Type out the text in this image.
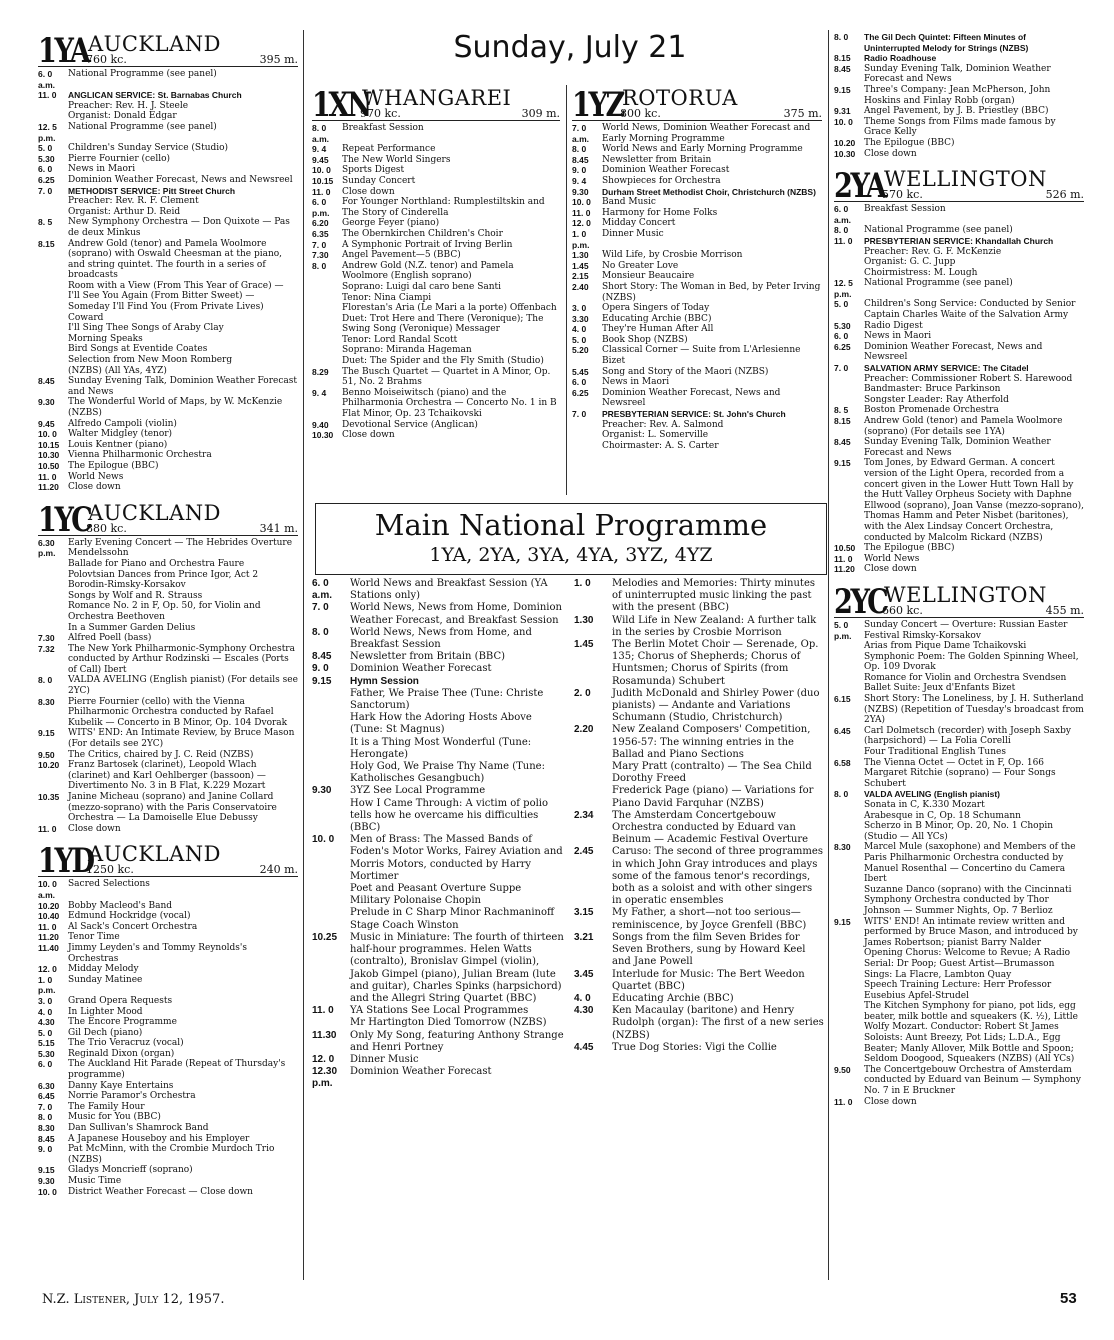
Sunday, July 21
1YA AUCKLAND
760 kc.	395 m.
6. 0 a.m.
National Programme (see panel)
11. 0	ANGLICAN SERVICE: St. Barnabas Church
Preacher: Rev. H. J. Steele
Organist: Donald Edgar
12. 5 p.m.
National Programme (see panel)
5. 0	Children's Sunday Service (Studio)
5.30	Pierre Fournier (cello)
6. 0	News in Maori
6.25	Dominion Weather Forecast, News and Newsreel
7. 0	METHODIST SERVICE: Pitt Street Church
Preacher: Rev. R. F. Clement
Organist: Arthur D. Reid
8. 5	New Symphony Orchestra — Don Quixote — Pas de deux Minkus
8.15	Andrew Gold (tenor) and Pamela Woolmore (soprano) with Oswald Cheesman at the piano, and string quintet. The fourth in a series of broadcasts
Room with a View (From This Year of Grace) — I'll See You Again (From Bitter Sweet) — Someday I'll Find You (From Private Lives) Coward
I'll Sing Thee Songs of Araby Clay
Morning Speaks
Bird Songs at Eventide Coates
Selection from New Moon Romberg
(NZBS) (All YAs, 4YZ)
8.45	Sunday Evening Talk, Dominion Weather Forecast and News
9.30	The Wonderful World of Maps, by W. McKenzie (NZBS)
9.45	Alfredo Campoli (violin)
10. 0	Walter Midgley (tenor)
10.15 Louis Kentner (piano)
10.30 Vienna Philharmonic Orchestra
10.50 The Epilogue (BBC)
11. 0	World News
11.20	Close down
1YC
AUCKLAND
880 kc.	341 m.
6.30 p.m.
Early Evening Concert — The Hebrides Overture Mendelssohn
Ballade for Piano and Orchestra Faure
Polovtsian Dances from Prince Igor, Act 2 Borodin-Rimsky-Korsakov
Songs by Wolf and R. Strauss
Romance No. 2 in F, Op. 50, for Violin and Orchestra Beethoven
In a Summer Garden Delius
7.30	Alfred Poell (bass)
7.32	The New York Philharmonic-Symphony Orchestra conducted by Arthur Rodzinski — Escales (Ports of Call) Ibert
8. 0	VALDA AVELING (English pianist) (For details see 2YC)
8.30	Pierre Fournier (cello) with the Vienna Philharmonic Orchestra conducted by Rafael Kubelik — Concerto in B Minor, Op. 104 Dvorak
9.15	WITS' END: An Intimate Review, by Bruce Mason (For details see 2YC)
9.50	The Critics, chaired by J. C. Reid (NZBS)
10.20 Franz Bartosek (clarinet), Leopold Wlach (clarinet) and Karl Oehlberger (bassoon) — Divertimento No. 3 in B Flat, K.229 Mozart
10.35 Janine Micheau (soprano) and Janine Collard (mezzo-soprano) with the Paris Conservatoire Orchestra — La Damoiselle Elue Debussy
11. 0	Close down
1YD
AUCKLAND
1250 kc.	240 m.
10. 0 a.m.
Sacred Selections
10.20 Bobby Macleod's Band
10.40 Edmund Hockridge (vocal)
11. 0	Al Sack's Concert Orchestra
11.20	Tenor Time
11.40	Jimmy Leyden's and Tommy Reynolds's Orchestras
12. 0	Midday Melody
1. 0 p.m.
Sunday Matinee
3. 0	Grand Opera Requests
4. 0	In Lighter Mood
4.30	The Encore Programme
5. 0	Gil Dech (piano)
5.15	The Trio Veracruz (vocal)
5.30	Reginald Dixon (organ)
6. 0	The Auckland Hit Parade (Repeat of Thursday's programme)
6.30	Danny Kaye Entertains
6.45	Norrie Paramor's Orchestra
7. 0	The Family Hour
8. 0	Music for You (BBC)
8.30	Dan Sullivan's Shamrock Band
8.45	A Japanese Houseboy and his Employer
9. 0	Pat McMinn, with the Crombie Murdoch Trio (NZBS)
9.15	Gladys Moncrieff (soprano)
9.30	Music Time
10. 0	District Weather Forecast — Close down
1XN
WHANGAREI
970 kc.	309 m.
8. 0 a.m.
Breakfast Session
9. 4	Repeat Performance
9.45	The New World Singers
10. 0	Sports Digest
10.15 Sunday Concert
11. 0	Close down
6. 0 p.m.
For Younger Northland: Rumplestiltskin and The Story of Cinderella
6.20	George Feyer (piano)
6.35	The Obernkirchen Children's Choir
7. 0	A Symphonic Portrait of Irving Berlin
7.30	Angel Pavement—5 (BBC)
8. 0	Andrew Gold (N.Z. tenor) and Pamela Woolmore (English soprano)
Soprano: Luigi dal caro bene Santi
Tenor: Nina Ciampi
Florestan's Aria (Le Mari a la porte) Offenbach
Duet: Trot Here and There (Veronique); The Swing Song (Veronique) Messager
Tenor: Lord Randal Scott
Soprano: Miranda Hageman
Duet: The Spider and the Fly Smith (Studio)
8.29	The Busch Quartet — Quartet in A Minor, Op. 51, No. 2 Brahms
9. 4	Benno Moiseiwitsch (piano) and the Philharmonia Orchestra — Concerto No. 1 in B Flat Minor, Op. 23 Tchaikovski
9.40	Devotional Service (Anglican)
10.30 Close down
1YZ ROTORUA
800 kc.	375 m.
7. 0 a.m.
World News, Dominion Weather Forecast and Early Morning Programme
8. 0	World News and Early Morning Programme
8.45	Newsletter from Britain
9. 0	Dominion Weather Forecast
9. 4	Showpieces for Orchestra
9.30	Durham Street Methodist Choir, Christchurch (NZBS)
10. 0	Band Music
11. 0	Harmony for Home Folks
12. 0	Midday Concert
1. 0 p.m.
Dinner Music
1.30	Wild Life, by Crosbie Morrison
1.45	No Greater Love
2.15	Monsieur Beaucaire
2.40	Short Story: The Woman in Bed, by Peter Irving (NZBS)
3. 0	Opera Singers of Today
3.30	Educating Archie (BBC)
4. 0	They're Human After All
5. 0	Book Shop (NZBS)
5.20	Classical Corner — Suite from L'Arlesienne Bizet
5.45	Song and Story of the Maori (NZBS)
6. 0	News in Maori
6.25	Dominion Weather Forecast, News and Newsreel
7. 0	PRESBYTERIAN SERVICE: St. John's Church
Preacher: Rev. A. Salmond
Organist: L. Somerville
Choirmaster: A. S. Carter
Main National Programme
1YA, 2YA, 3YA, 4YA, 3YZ, 4YZ
6. 0 a.m.
World News and Breakfast Session (YA Stations only)
7. 0	World News, News from Home, Dominion Weather Forecast, and Breakfast Session
8. 0	World News, News from Home, and Breakfast Session
8.45	Newsletter from Britain (BBC)
9. 0	Dominion Weather Forecast
9.15	Hymn Session
Father, We Praise Thee (Tune: Christe Sanctorum)
Hark How the Adoring Hosts Above (Tune: St Magnus)
It is a Thing Most Wonderful (Tune: Herongate)
Holy God, We Praise Thy Name (Tune: Katholisches Gesangbuch)
9.30	3YZ See Local Programme
How I Came Through: A victim of polio tells how he overcame his difficulties (BBC)
10. 0	Men of Brass: The Massed Bands of Foden's Motor Works, Fairey Aviation and Morris Motors, conducted by Harry Mortimer
Poet and Peasant Overture Suppe
Military Polonaise Chopin
Prelude in C Sharp Minor Rachmaninoff
Stage Coach Winston
10.25	Music in Miniature: The fourth of thirteen half-hour programmes. Helen Watts (contralto), Bronislav Gimpel (violin), Jakob Gimpel (piano), Julian Bream (lute and guitar), Charles Spinks (harpsichord) and the Allegri String Quartet (BBC)
11. 0	YA Stations See Local Programmes
Mr Hartington Died Tomorrow (NZBS)
11.30	Only My Song, featuring Anthony Strange and Henri Portney
12. 0	Dinner Music
12.30 p.m.
Dominion Weather Forecast
1. 0	Melodies and Memories: Thirty minutes of uninterrupted music linking the past with the present (BBC)
1.30	Wild Life in New Zealand: A further talk in the series by Crosbie Morrison
1.45	The Berlin Motet Choir — Serenade, Op. 135; Chorus of Shepherds; Chorus of Huntsmen; Chorus of Spirits (from Rosamunda) Schubert
2. 0	Judith McDonald and Shirley Power (duo pianists) — Andante and Variations Schumann (Studio, Christchurch)
2.20	New Zealand Composers' Competition, 1956-57: The winning entries in the Ballad and Piano Sections
Mary Pratt (contralto) — The Sea Child Dorothy Freed
Frederick Page (piano) — Variations for Piano David Farquhar (NZBS)
2.34	The Amsterdam Concertgebouw Orchestra conducted by Eduard van Beinum — Academic Festival Overture
2.45	Caruso: The second of three programmes in which John Gray introduces and plays some of the famous tenor's recordings, both as a soloist and with other singers in operatic ensembles
3.15	My Father, a short—not too serious—reminiscence, by Joyce Grenfell (BBC)
3.21	Songs from the film Seven Brides for Seven Brothers, sung by Howard Keel and Jane Powell
3.45	Interlude for Music: The Bert Weedon Quartet (BBC)
4. 0	Educating Archie (BBC)
4.30	Ken Macaulay (baritone) and Henry Rudolph (organ): The first of a new series (NZBS)
4.45	True Dog Stories: Vigi the Collie
8. 0	The Gil Dech Quintet: Fifteen Minutes of Uninterrupted Melody for Strings (NZBS)
8.15	Radio Roadhouse
8.45	Sunday Evening Talk, Dominion Weather Forecast and News
9.15	Three's Company: Jean McPherson, John Hoskins and Finlay Robb (organ)
9.31	Angel Pavement, by J. B. Priestley (BBC)
10. 0	Theme Songs from Films made famous by Grace Kelly
10.20 The Epilogue (BBC)
10.30 Close down
2YA WELLINGTON
570 kc.	526 m.
6. 0 a.m.
Breakfast Session
8. 0	National Programme (see panel)
11. 0	PRESBYTERIAN SERVICE: Khandallah Church
Preacher: Rev. G. F. McKenzie
Organist: G. C. Jupp
Choirmistress: M. Lough
12. 5 p.m.
National Programme (see panel)
5. 0	Children's Song Service: Conducted by Senior Captain Charles Waite of the Salvation Army
5.30	Radio Digest
6. 0	News in Maori
6.25	Dominion Weather Forecast, News and Newsreel
7. 0	SALVATION ARMY SERVICE: The Citadel
Preacher: Commissioner Robert S. Harewood
Bandmaster: Bruce Parkinson
Songster Leader: Ray Atherfold
8. 5	Boston Promenade Orchestra
8.15	Andrew Gold (tenor) and Pamela Woolmore (soprano) (For details see 1YA)
8.45	Sunday Evening Talk, Dominion Weather Forecast and News
9.15	Tom Jones, by Edward German. A concert version of the Light Opera, recorded from a concert given in the Lower Hutt Town Hall by the Hutt Valley Orpheus Society with Daphne Ellwood (soprano), Joan Vanse (mezzo-soprano), Thomas Hamm and Peter Nisbet (baritones), with the Alex Lindsay Concert Orchestra, conducted by Malcolm Rickard (NZBS)
10.50 The Epilogue (BBC)
11. 0	World News
11.20	Close down
2YC
WELLINGTON
660 kc.	455 m.
5. 0 p.m.
Sunday Concert — Overture: Russian Easter Festival Rimsky-Korsakov
Arias from Pique Dame Tchaikovski
Symphonic Poem: The Golden Spinning Wheel, Op. 109 Dvorak
Romance for Violin and Orchestra Svendsen
Ballet Suite: Jeux d'Enfants Bizet
6.15	Short Story: The Loneliness, by J. H. Sutherland (NZBS) (Repetition of Tuesday's broadcast from 2YA)
6.45	Carl Dolmetsch (recorder) with Joseph Saxby (harpsichord) — La Folia Corelli
Four Traditional English Tunes
6.58	The Vienna Octet — Octet in F, Op. 166
Margaret Ritchie (soprano) — Four Songs Schubert
8. 0	VALDA AVELING (English pianist)
Sonata in C, K.330 Mozart
Arabesque in C, Op. 18 Schumann
Scherzo in B Minor, Op. 20, No. 1 Chopin
(Studio — All YCs)
8.30	Marcel Mule (saxophone) and Members of the Paris Philharmonic Orchestra conducted by Manuel Rosenthal — Concertino du Camera Ibert
Suzanne Danco (soprano) with the Cincinnati Symphony Orchestra conducted by Thor Johnson — Summer Nights, Op. 7 Berlioz
9.15	WITS' END! An intimate review written and performed by Bruce Mason, and introduced by James Robertson; pianist Barry Nalder
Opening Chorus: Welcome to Revue; A Radio Serial: Dr Poop; Guest Artist—Brumasson Sings: La Flacre, Lambton Quay
Speech Training Lecture: Herr Professor Eusebius Apfel-Strudel
The Kitchen Symphony for piano, pot lids, egg beater, milk bottle and squeakers (K. ½), Little Wolfy Mozart. Conductor: Robert St James
Soloists: Aunt Breezy, Pot Lids; L.D.A., Egg Beater; Manly Allover, Milk Bottle and Spoon; Seldom Doogood, Squeakers (NZBS) (All YCs)
9.50	The Concertgebouw Orchestra of Amsterdam conducted by Eduard van Beinum — Symphony No. 7 in E Bruckner
11. 0	Close down
N.Z. Listener, July 12, 1957.	53
